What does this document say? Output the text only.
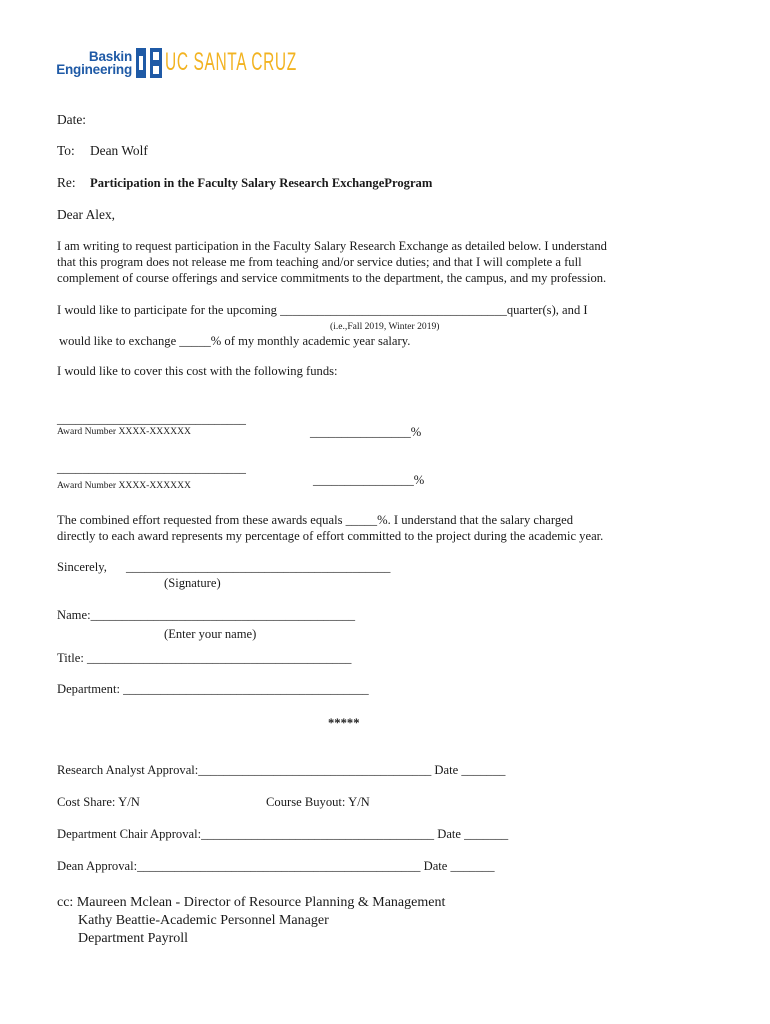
Baskin
Engineering UC SANTA CRUZ
Date:
To: Dean Wolf
Re: Participation in the Faculty Salary Research ExchangeProgram
Dear Alex,
I am writing to request participation in the Faculty Salary Research Exchange as detailed below. I understand
that this program does not release me from teaching and/or service duties; and that I will complete a full
complement of course offerings and service commitments to the department, the campus, and my profession.
I would like to participate for the upcoming ____________________________________quarter(s), and I
(i.e.,Fall 2019, Winter 2019)
would like to exchange _____% of my monthly academic year salary.
I would like to cover this cost with the following funds:
______________________________
Award Number XXXX-XXXXXX	________________%
______________________________
Award Number XXXX-XXXXXX	________________%
The combined effort requested from these awards equals _____%. I understand that the salary charged
directly to each award represents my percentage of effort committed to the project during the academic year.
Sincerely, __________________________________________
(Signature)
Name:__________________________________________
(Enter your name)
Title: __________________________________________
Department: _______________________________________
*****
Research Analyst Approval:_____________________________________ Date _______
Cost Share: Y/N	Course Buyout: Y/N
Department Chair Approval:_____________________________________ Date _______
Dean Approval:_____________________________________________ Date _______
cc: Maureen Mclean - Director of Resource Planning & Management
Kathy Beattie-Academic Personnel Manager
Department Payroll
